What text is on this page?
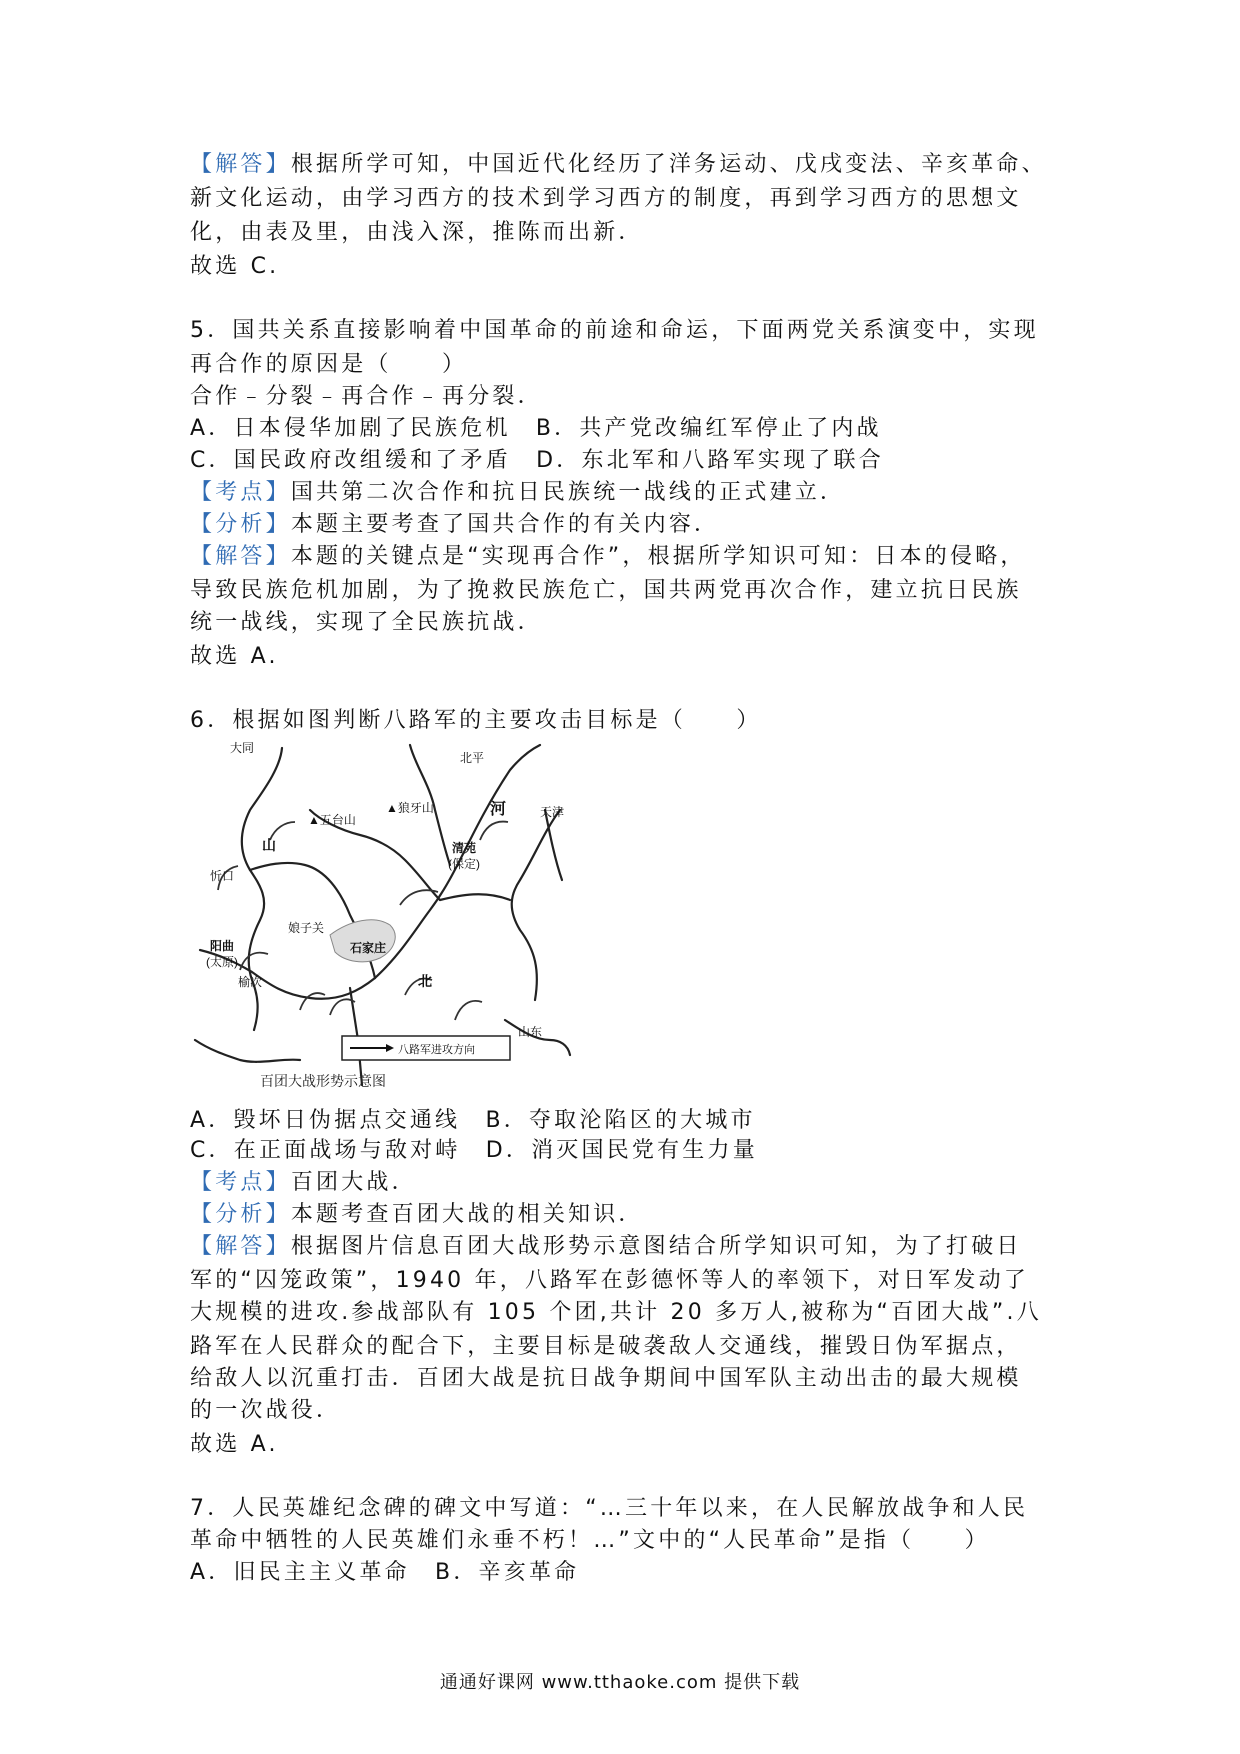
【解答】根据所学可知，中国近代化经历了洋务运动、戊戌变法、辛亥革命、
新文化运动，由学习西方的技术到学习西方的制度，再到学习西方的思想文
化，由表及里，由浅入深，推陈而出新．
故选 C.
5．国共关系直接影响着中国革命的前途和命运，下面两党关系演变中，实现
再合作的原因是（　　）
合作﹣分裂﹣再合作﹣再分裂．
A．日本侵华加剧了民族危机　B．共产党改编红军停止了内战
C．国民政府改组缓和了矛盾　D．东北军和八路军实现了联合
【考点】国共第二次合作和抗日民族统一战线的正式建立．
【分析】本题主要考查了国共合作的有关内容．
【解答】本题的关键点是“实现再合作”，根据所学知识可知：日本的侵略，
导致民族危机加剧，为了挽救民族危亡，国共两党再次合作，建立抗日民族
统一战线，实现了全民族抗战．
故选 A.
6．根据如图判断八路军的主要攻击目标是（　　）
大同
北平
天津
▲五台山
▲狼牙山
山
河
清苑
(保定)
忻口
娘子关
石家庄
阳曲
(太原)
榆次	北
山东
八路军进攻方向
百团大战形势示意图
A．毁坏日伪据点交通线　B．夺取沦陷区的大城市
C．在正面战场与敌对峙　D．消灭国民党有生力量
【考点】百团大战．
【分析】本题考查百团大战的相关知识．
【解答】根据图片信息百团大战形势示意图结合所学知识可知，为了打破日
军的“囚笼政策”，1940 年，八路军在彭德怀等人的率领下，对日军发动了
大规模的进攻.参战部队有 105 个团,共计 20 多万人,被称为“百团大战”.八
路军在人民群众的配合下，主要目标是破袭敌人交通线，摧毁日伪军据点，
给敌人以沉重打击．百团大战是抗日战争期间中国军队主动出击的最大规模
的一次战役．
故选 A.
7．人民英雄纪念碑的碑文中写道：“…三十年以来，在人民解放战争和人民
革命中牺牲的人民英雄们永垂不朽！…”文中的“人民革命”是指（　　）
A．旧民主主义革命　B．辛亥革命
通通好课网 www.tthaoke.com 提供下载
